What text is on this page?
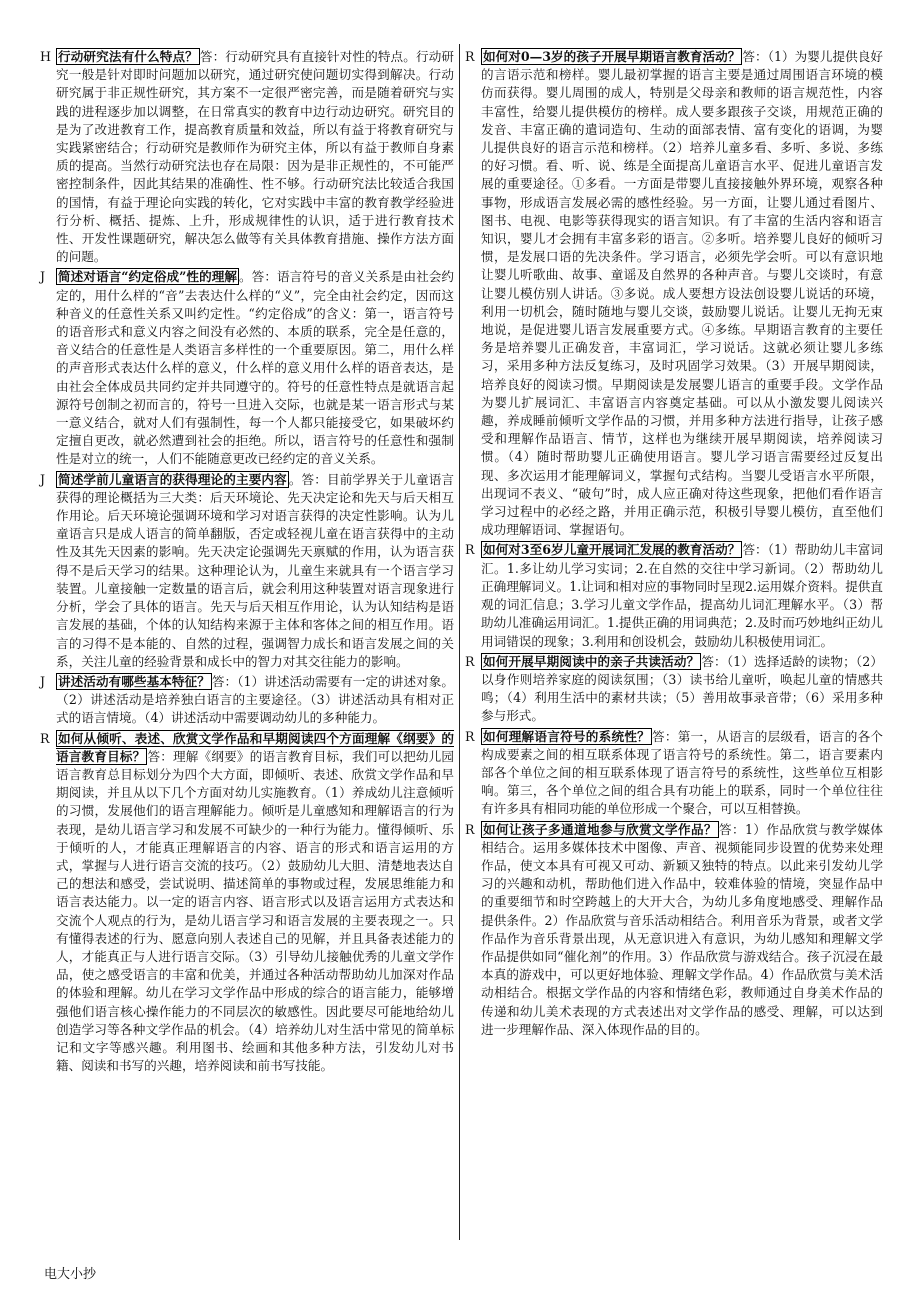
H 行动研究法有什么特点？ 答：行动研究具有直接针对性的特点。行动研究一般是针对即时问题加以研究，通过研究使问题切实得到解决。行动研究属于非正规性研究，其方案不一定很严密完善，而是随着研究与实践的进程逐步加以调整，在日常真实的教育中边行动边研究。研究目的是为了改进教育工作，提高教育质量和效益，所以有益于将教育研究与实践紧密结合；行动研究是教师作为研究主体，所以有益于教师自身素质的提高。当然行动研究法也存在局限：因为是非正规性的，不可能严密控制条件，因此其结果的准确性、性不够。行动研究法比较适合我国的国情，有益于理论向实践的转化，它对实践中丰富的教育教学经验进行分析、概括、提炼、上升，形成规律性的认识，适于进行教育技术性、开发性课题研究，解决怎么做等有关具体教育措施、操作方法方面的问题。
J	简述对语言“约定俗成”性的理解 。答：语言符号的音义关系是由社会约定的，用什么样的“音”去表达什么样的“义”，完全由社会约定，因而这种音义的任意性关系又叫约定性。“约定俗成”的含义：第一，语言符号的语音形式和意义内容之间没有必然的、本质的联系，完全是任意的，音义结合的任意性是人类语言多样性的一个重要原因。第二，用什么样的声音形式表达什么样的意义，什么样的意义用什么样的语音表达，是由社会全体成员共同约定并共同遵守的。符号的任意性特点是就语言起源符号创制之初而言的，符号一旦进入交际，也就是某一语言形式与某一意义结合，就对人们有强制性，每一个人都只能接受它，如果破坏约定擅自更改，就必然遭到社会的拒绝。所以，语言符号的任意性和强制性是对立的统一，人们不能随意更改已经约定的音义关系。
J	简述学前儿童语言的获得理论的主要内容 。答：目前学界关于儿童语言获得的理论概括为三大类：后天环境论、先天决定论和先天与后天相互作用论。后天环境论强调环境和学习对语言获得的决定性影响。认为儿童语言只是成人语言的简单翻版，否定或轻视儿童在语言获得中的主动性及其先天因素的影响。先天决定论强调先天禀赋的作用，认为语言获得不是后天学习的结果。这种理论认为，儿童生来就具有一个语言学习装置。儿童接触一定数量的语言后，就会利用这种装置对语言现象进行分析，学会了具体的语言。先天与后天相互作用论，认为认知结构是语言发展的基础，个体的认知结构来源于主体和客体之间的相互作用。语言的习得不是本能的、自然的过程，强调智力成长和语言发展之间的关系，关注儿童的经验背景和成长中的智力对其交往能力的影响。
J	讲述活动有哪些基本特征？ 答：（1）讲述活动需要有一定的讲述对象。（2）讲述活动是培养独白语言的主要途径。（3）讲述活动具有相对正式的语言情境。（4）讲述活动中需要调动幼儿的多种能力。
R 如何从倾听、表述、欣赏文学作品和早期阅读四个方面理解《纲要》的语言教育目标？ 答：理解《纲要》的语言教育目标，我们可以把幼儿园语言教育总目标划分为四个大方面，即倾听、表述、欣赏文学作品和早期阅读，并且从以下几个方面对幼儿实施教育。（1）养成幼儿注意倾听的习惯，发展他们的语言理解能力。倾听是儿童感知和理解语言的行为表现，是幼儿语言学习和发展不可缺少的一种行为能力。懂得倾听、乐于倾听的人，才能真正理解语言的内容、语言的形式和语言运用的方式，掌握与人进行语言交流的技巧。（2）鼓励幼儿大胆、清楚地表达自己的想法和感受，尝试说明、描述简单的事物或过程，发展思维能力和语言表达能力。以一定的语言内容、语言形式以及语言运用方式表达和交流个人观点的行为，是幼儿语言学习和语言发展的主要表现之一。只有懂得表述的行为、愿意向别人表述自己的见解，并且具备表述能力的人，才能真正与人进行语言交际。（3）引导幼儿接触优秀的儿童文学作品，使之感受语言的丰富和优美，并通过各种活动帮助幼儿加深对作品的体验和理解。幼儿在学习文学作品中形成的综合的语言能力，能够增强他们语言核心操作能力的不同层次的敏感性。因此要尽可能地给幼儿创造学习等各种文学作品的机会。（4）培养幼儿对生活中常见的简单标记和文字等感兴趣。利用图书、绘画和其他多种方法，引发幼儿对书籍、阅读和书写的兴趣，培养阅读和前书写技能。
R 如何对0—3岁的孩子开展早期语言教育活动？ 答：（1）为婴儿提供良好的言语示范和榜样。婴儿最初掌握的语言主要是通过周围语言环境的模仿而获得。婴儿周围的成人，特别是父母亲和教师的语言规范性，内容丰富性，给婴儿提供模仿的榜样。成人要多跟孩子交谈，用规范正确的发音、丰富正确的遣词造句、生动的面部表情、富有变化的语调，为婴儿提供良好的语言示范和榜样。（2）培养儿童多看、多听、多说、多练的好习惯。看、听、说、练是全面提高儿童语言水平、促进儿童语言发展的重要途径。①多看。一方面是带婴儿直接接触外界环境，观察各种事物，形成语言发展必需的感性经验。另一方面，让婴儿通过看图片、图书、电视、电影等获得现实的语言知识。有了丰富的生活内容和语言知识，婴儿才会拥有丰富多彩的语言。②多听。培养婴儿良好的倾听习惯，是发展口语的先决条件。学习语言，必须先学会听。可以有意识地让婴儿听歌曲、故事、童谣及自然界的各种声音。与婴儿交谈时，有意让婴儿模仿别人讲话。③多说。成人要想方设法创设婴儿说话的环境，利用一切机会，随时随地与婴儿交谈，鼓励婴儿说话。让婴儿无拘无束地说，是促进婴儿语言发展重要方式。④多练。早期语言教育的主要任务是培养婴儿正确发音，丰富词汇，学习说话。这就必须让婴儿多练习，采用多种方法反复练习，及时巩固学习效果。（3）开展早期阅读，培养良好的阅读习惯。早期阅读是发展婴儿语言的重要手段。文学作品为婴儿扩展词汇、丰富语言内容奠定基础。可以从小激发婴儿阅读兴趣，养成睡前倾听文学作品的习惯，并用多种方法进行指导，让孩子感受和理解作品语言、情节，这样也为继续开展早期阅读，培养阅读习惯。（4）随时帮助婴儿正确使用语言。婴儿学习语言需要经过反复出现、多次运用才能理解词义，掌握句式结构。当婴儿受语言水平所限，出现词不表义、“破句”时，成人应正确对待这些现象，把他们看作语言学习过程中的必经之路，并用正确示范，积极引导婴儿模仿，直至他们成功理解语词、掌握语句。
R 如何对3至6岁儿童开展词汇发展的教育活动？ 答：（1）帮助幼儿丰富词汇。1.多让幼儿学习实词；2.在自然的交往中学习新词。（2）帮助幼儿正确理解词义。1.让词和相对应的事物同时呈现2.运用媒介资料。提供直观的词汇信息；3.学习儿童文学作品，提高幼儿词汇理解水平。（3）帮助幼儿准确运用词汇。1.提供正确的用词典范；2.及时而巧妙地纠正幼儿用词错误的现象；3.利用和创设机会，鼓励幼儿积极使用词汇。
R 如何开展早期阅读中的亲子共读活动？ 答：（1）选择适龄的读物；（2）以身作则培养家庭的阅读氛围；（3）读书给儿童听，唤起儿童的情感共鸣；（4）利用生活中的素材共读；（5）善用故事录音带；（6）采用多种参与形式。
R 如何理解语言符号的系统性？ 答：第一，从语言的层级看，语言的各个构成要素之间的相互联系体现了语言符号的系统性。第二，语言要素内部各个单位之间的相互联系体现了语言符号的系统性，这些单位互相影响。第三，各个单位之间的组合具有功能上的联系，同时一个单位往往有许多具有相同功能的单位形成一个聚合，可以互相替换。
R 如何让孩子多通道地参与欣赏文学作品？ 答：1）作品欣赏与教学媒体相结合。运用多媒体技术中图像、声音、视频能同步设置的优势来处理作品，使文本具有可视又可动、新颖又独特的特点。以此来引发幼儿学习的兴趣和动机，帮助他们进入作品中，较难体验的情境，突显作品中的重要细节和时空跨越上的大开大合，为幼儿多角度地感受、理解作品提供条件。2）作品欣赏与音乐活动相结合。利用音乐为背景，或者文学作品作为音乐背景出现，从无意识进入有意识，为幼儿感知和理解文学作品提供如同“催化剂”的作用。3）作品欣赏与游戏结合。孩子沉浸在最本真的游戏中，可以更好地体验、理解文学作品。4）作品欣赏与美术活动相结合。根据文学作品的内容和情绪色彩，教师通过自身美术作品的传递和幼儿美术表现的方式表述出对文学作品的感受、理解，可以达到进一步理解作品、深入体现作品的目的。
电大小抄
